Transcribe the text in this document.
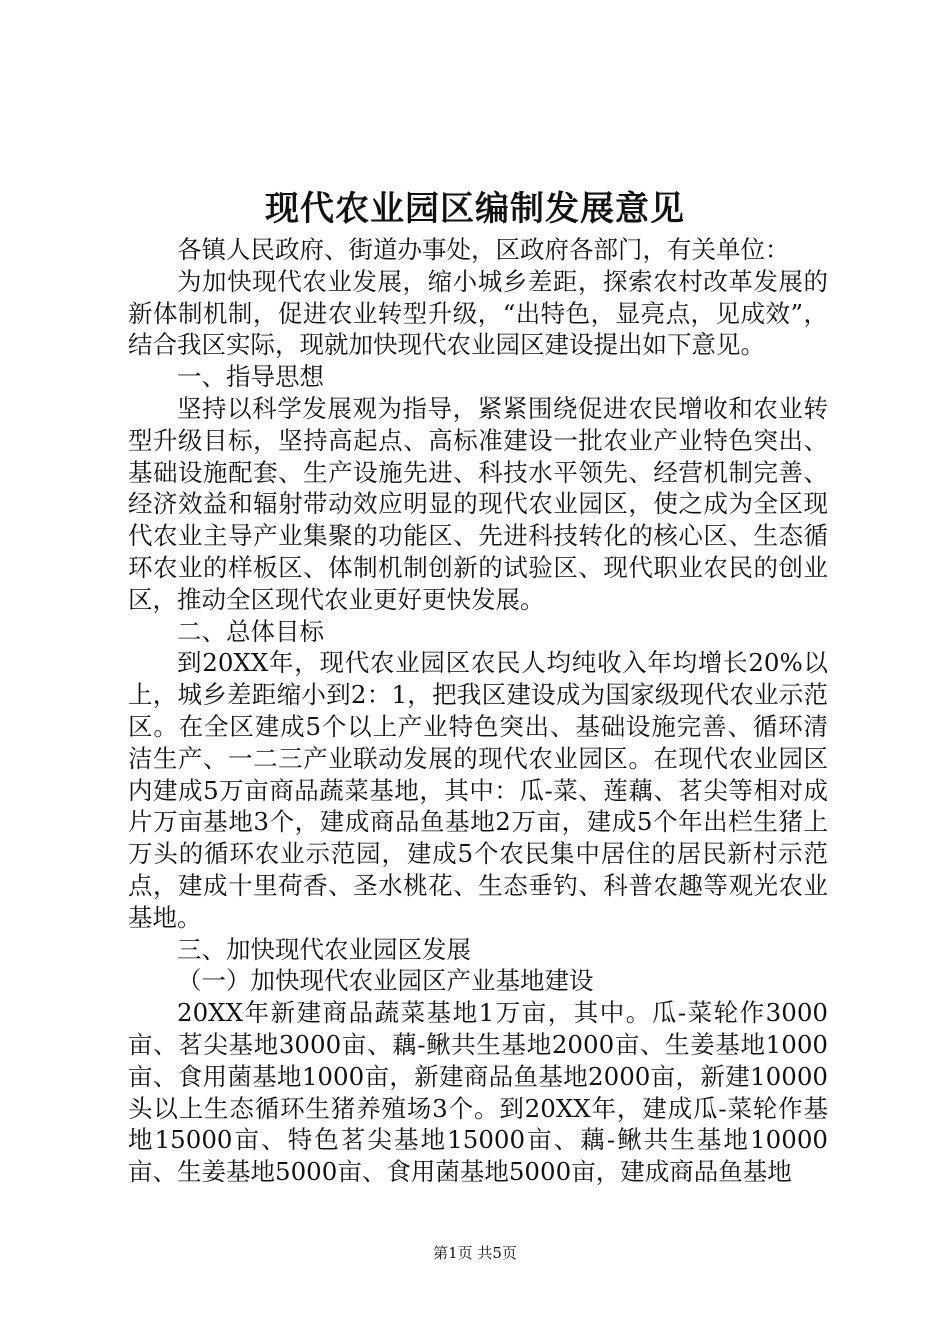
现代农业园区编制发展意见

各镇人民政府、街道办事处，区政府各部门，有关单位：

为加快现代农业发展，缩小城乡差距，探索农村改革发展的新体制机制，促进农业转型升级，“出特色，显亮点，见成效”，结合我区实际，现就加快现代农业园区建设提出如下意见。

一、指导思想

坚持以科学发展观为指导，紧紧围绕促进农民增收和农业转型升级目标，坚持高起点、高标准建设一批农业产业特色突出、基础设施配套、生产设施先进、科技水平领先、经营机制完善、经济效益和辐射带动效应明显的现代农业园区，使之成为全区现代农业主导产业集聚的功能区、先进科技转化的核心区、生态循环农业的样板区、体制机制创新的试验区、现代职业农民的创业区，推动全区现代农业更好更快发展。

二、总体目标

到20XX年，现代农业园区农民人均纯收入年均增长20%以上，城乡差距缩小到2：1，把我区建设成为国家级现代农业示范区。在全区建成5个以上产业特色突出、基础设施完善、循环清洁生产、一二三产业联动发展的现代农业园区。在现代农业园区内建成5万亩商品蔬菜基地，其中：瓜-菜、莲藕、茗尖等相对成片万亩基地3个，建成商品鱼基地2万亩，建成5个年出栏生猪上万头的循环农业示范园，建成5个农民集中居住的居民新村示范点，建成十里荷香、圣水桃花、生态垂钓、科普农趣等观光农业基地。

三、加快现代农业园区发展

（一）加快现代农业园区产业基地建设

20XX年新建商品蔬菜基地1万亩，其中。瓜-菜轮作3000亩、茗尖基地3000亩、藕-鳅共生基地2000亩、生姜基地1000亩、食用菌基地1000亩，新建商品鱼基地2000亩，新建10000头以上生态循环生猪养殖场3个。到20XX年，建成瓜-菜轮作基地15000亩、特色茗尖基地15000亩、藕-鳅共生基地10000亩、生姜基地5000亩、食用菌基地5000亩，建成商品鱼基地

第1页 共5页
